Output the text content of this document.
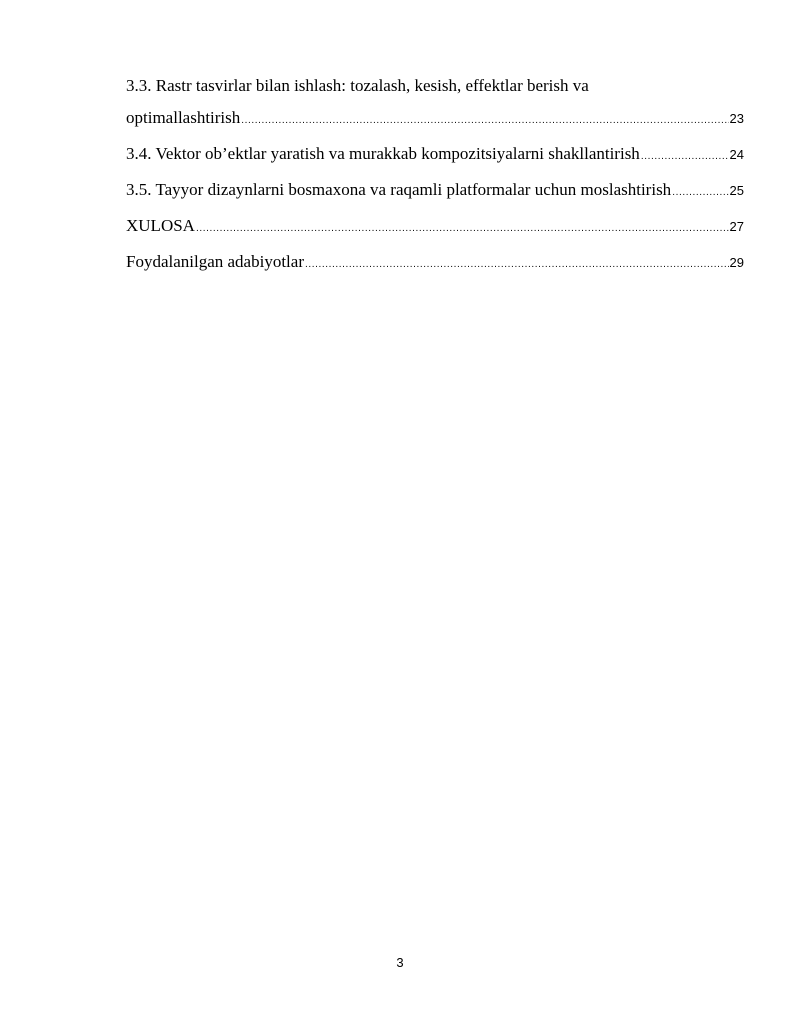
3.3. Rastr tasvirlar bilan ishlash: tozalash, kesish, effektlar berish va
optimallashtirish .....	23
3.4. Vektor ob’ektlar yaratish va murakkab kompozitsiyalarni shakllantirish .....	24
3.5. Tayyor dizaynlarni bosmaxona va raqamli platformalar uchun moslashtirish .....	25
XULOSA .....	27
Foydalanilgan adabiyotlar .....	29
3
